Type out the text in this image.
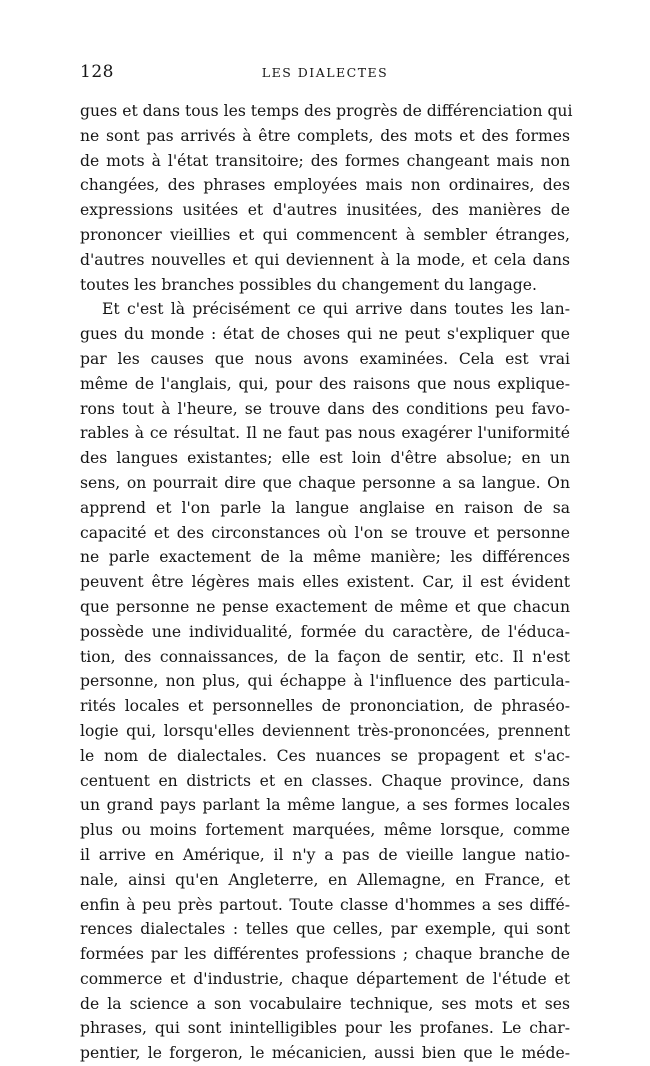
128	LES DIALECTES
gues et dans tous les temps des progrès de différenciation qui
ne sont pas arrivés à être complets, des mots et des formes
de mots à l'état transitoire; des formes changeant mais non
changées, des phrases employées mais non ordinaires, des
expressions usitées et d'autres inusitées, des manières de
prononcer vieillies et qui commencent à sembler étranges,
d'autres nouvelles et qui deviennent à la mode, et cela dans
toutes les branches possibles du changement du langage.
Et c'est là précisément ce qui arrive dans toutes les lan-
gues du monde : état de choses qui ne peut s'expliquer que
par les causes que nous avons examinées. Cela est vrai
même de l'anglais, qui, pour des raisons que nous explique-
rons tout à l'heure, se trouve dans des conditions peu favo-
rables à ce résultat. Il ne faut pas nous exagérer l'uniformité
des langues existantes; elle est loin d'être absolue; en un
sens, on pourrait dire que chaque personne a sa langue. On
apprend et l'on parle la langue anglaise en raison de sa
capacité et des circonstances où l'on se trouve et personne
ne parle exactement de la même manière; les différences
peuvent être légères mais elles existent. Car, il est évident
que personne ne pense exactement de même et que chacun
possède une individualité, formée du caractère, de l'éduca-
tion, des connaissances, de la façon de sentir, etc. Il n'est
personne, non plus, qui échappe à l'influence des particula-
rités locales et personnelles de prononciation, de phraséo-
logie qui, lorsqu'elles deviennent très-prononcées, prennent
le nom de dialectales. Ces nuances se propagent et s'ac-
centuent en districts et en classes. Chaque province, dans
un grand pays parlant la même langue, a ses formes locales
plus ou moins fortement marquées, même lorsque, comme
il arrive en Amérique, il n'y a pas de vieille langue natio-
nale, ainsi qu'en Angleterre, en Allemagne, en France, et
enfin à peu près partout. Toute classe d'hommes a ses diffé-
rences dialectales : telles que celles, par exemple, qui sont
formées par les différentes professions ; chaque branche de
commerce et d'industrie, chaque département de l'étude et
de la science a son vocabulaire technique, ses mots et ses
phrases, qui sont inintelligibles pour les profanes. Le char-
pentier, le forgeron, le mécanicien, aussi bien que le méde-
